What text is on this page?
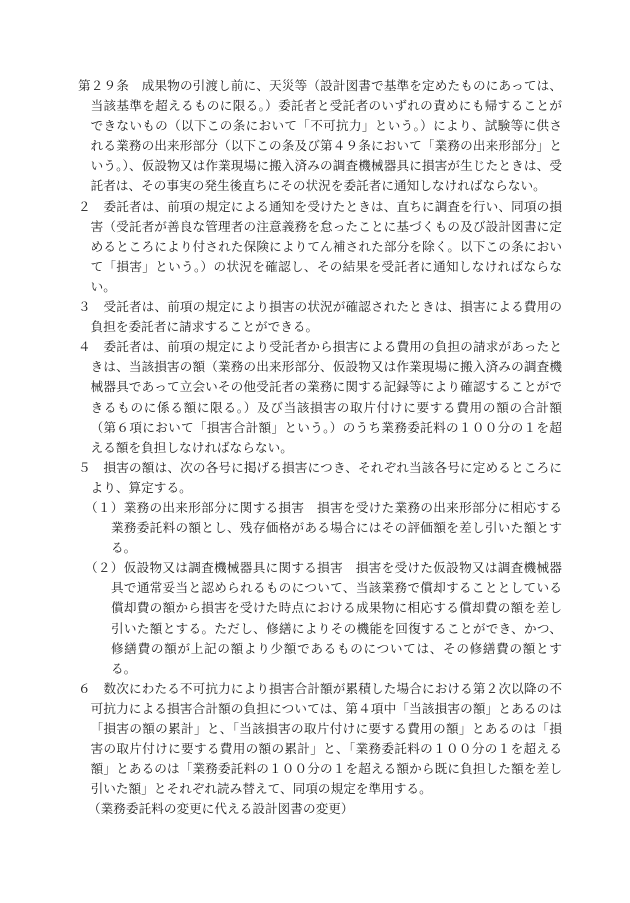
第２９条　 成果物の引渡し前に、天災等（設計図書で基準を定めたものにあっては、当該基準を超えるものに限る。）委託者と受託者のいずれの責めにも帰することができないもの（以下この条において「不可抗力」という。）により、試験等に供される業務の出来形部分（以下この条及び第４９条において「業務の出来形部分」という。）、仮設物又は作業現場に搬入済みの調査機械器具に損害が生じたときは、受託者は、その事実の発生後直ちにその状況を委託者に通知しなければならない。

２　 委託者は、前項の規定による通知を受けたときは、直ちに調査を行い、同項の損害（受託者が善良な管理者の注意義務を怠ったことに基づくもの及び設計図書に定めるところにより付された保険によりてん補された部分を除く。以下この条において「損害」という。）の状況を確認し、その結果を受託者に通知しなければならない。

３　 受託者は、前項の規定により損害の状況が確認されたときは、損害による費用の負担を委託者に請求することができる。

４　 委託者は、前項の規定により受託者から損害による費用の負担の請求があったときは、当該損害の額（業務の出来形部分、仮設物又は作業現場に搬入済みの調査機械器具であって立会いその他受託者の業務に関する記録等により確認することができるものに係る額に限る。）及び当該損害の取片付けに要する費用の額の合計額（第６項において「損害合計額」という。）のうち業務委託料の１００分の１を超える額を負担しなければならない。

５　 損害の額は、次の各号に掲げる損害につき、それぞれ当該各号に定めるところにより、算定する。

（１）業務の出来形部分に関する損害　損害を受けた業務の出来形部分に相応する業務委託料の額とし、残存価格がある場合にはその評価額を差し引いた額とする。

（２）仮設物又は調査機械器具に関する損害　損害を受けた仮設物又は調査機械器具で通常妥当と認められるものについて、当該業務で償却することとしている償却費の額から損害を受けた時点における成果物に相応する償却費の額を差し引いた額とする。ただし、修繕によりその機能を回復することができ、かつ、修繕費の額が上記の額より少額であるものについては、その修繕費の額とする。

６　 数次にわたる不可抗力により損害合計額が累積した場合における第２次以降の不可抗力による損害合計額の負担については、第４項中「当該損害の額」とあるのは「損害の額の累計」と、「当該損害の取片付けに要する費用の額」とあるのは「損害の取片付けに要する費用の額の累計」と、「業務委託料の１００分の１を超える額」とあるのは「業務委託料の１００分の１を超える額から既に負担した額を差し引いた額」とそれぞれ読み替えて、同項の規定を準用する。

（業務委託料の変更に代える設計図書の変更）
